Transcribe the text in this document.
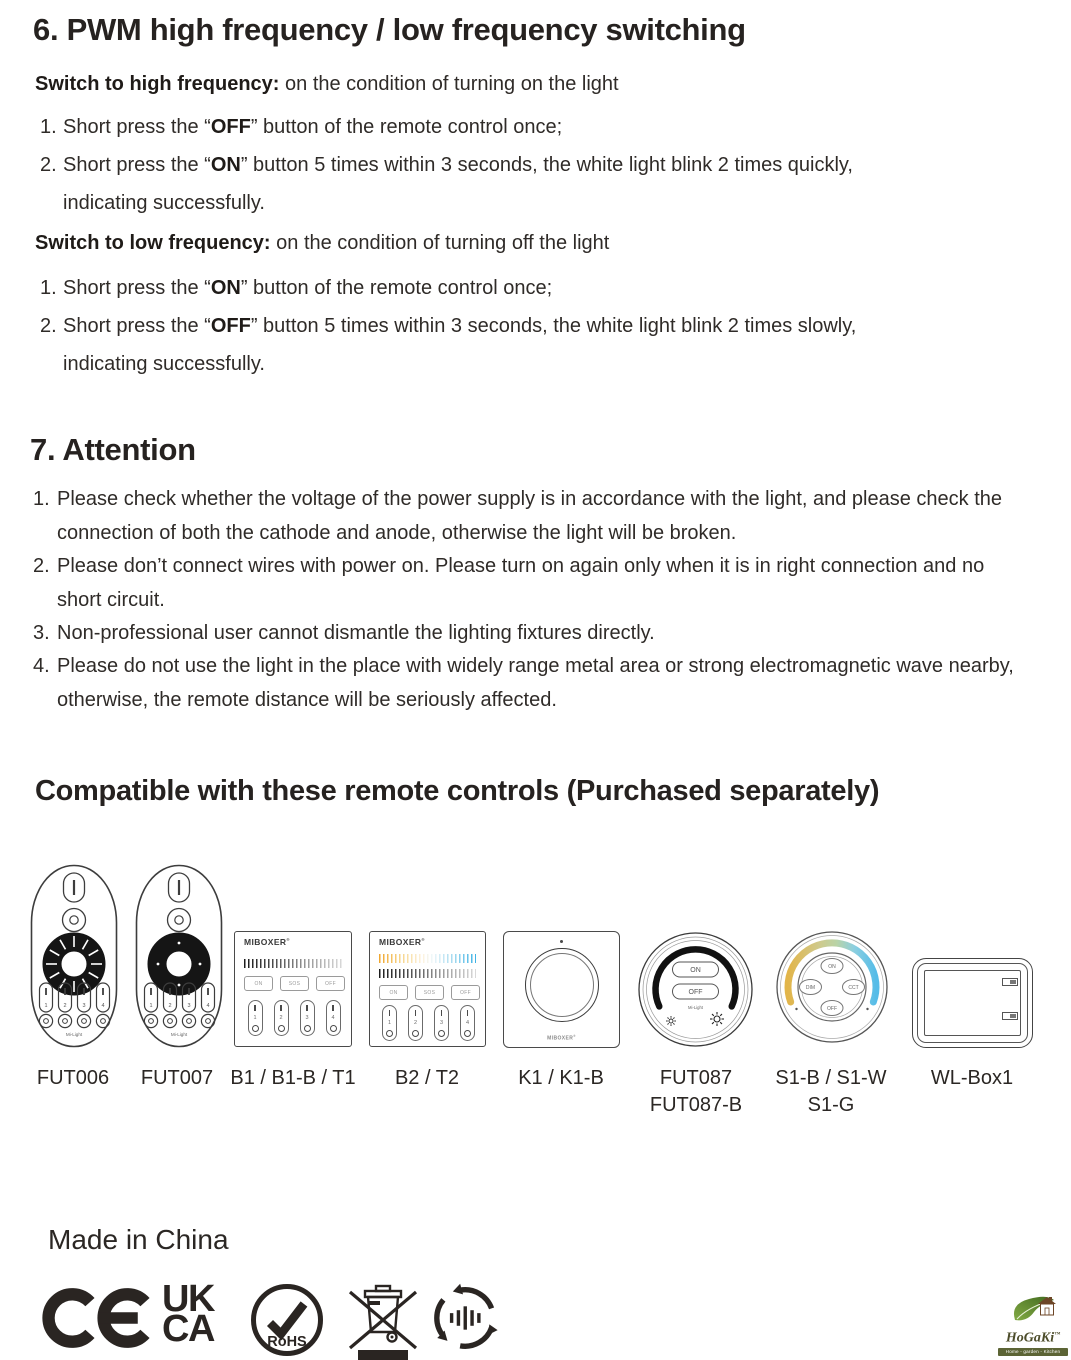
6. PWM high frequency / low frequency switching
Switch to high frequency: on the condition of turning on the light
1. Short press the “OFF” button of the remote control once;
2. Short press the “ON” button 5 times within 3 seconds, the white light blink 2 times quickly, indicating successfully.
Switch to low frequency: on the condition of turning off the light
1. Short press the “ON” button of the remote control once;
2. Short press the “OFF” button 5 times within 3 seconds, the white light blink 2 times slowly, indicating successfully.
7. Attention
1. Please check whether the voltage of the power supply is in accordance with the light, and please check the connection of both the cathode and anode, otherwise the light will be broken.
2. Please don’t connect wires with power on. Please turn on again only when it is in right connection and no short circuit.
3. Non-professional user cannot dismantle the lighting fixtures directly.
4. Please do not use the light in the place with widely range metal area or strong electromagnetic wave nearby, otherwise, the remote distance will be seriously affected.
Compatible with these remote controls (Purchased separately)
1	2	3	4
Mi-Light
1	2	3	4
Mi-Light
MIBOXER®
ON	SOS	OFF
1	2	3	4
MIBOXER®
ON	SOS	OFF
1	2	3	4
MIBOXER®
ON
OFF
Mi-Light
ON
DIM	CCT
OFF
FUT006	FUT007 B1 / B1-B / T1	B2 / T2	K1 / K1-B	FUT087
FUT087-B
S1-B / S1-W
S1-G
WL-Box1
Made in China
UK
CA	RoHS	HoGaKi™
Home - garden - Kitchen
